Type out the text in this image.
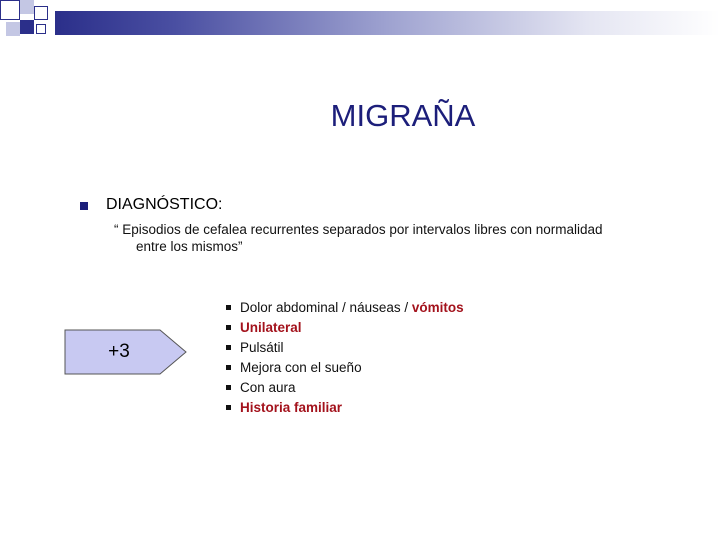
MIGRAÑA
DIAGNÓSTICO:
“ Episodios de cefalea recurrentes separados por intervalos libres con normalidad
entre los mismos”
+3
Dolor abdominal / náuseas / vómitos
Unilateral
Pulsátil
Mejora con el sueño
Con aura
Historia familiar
